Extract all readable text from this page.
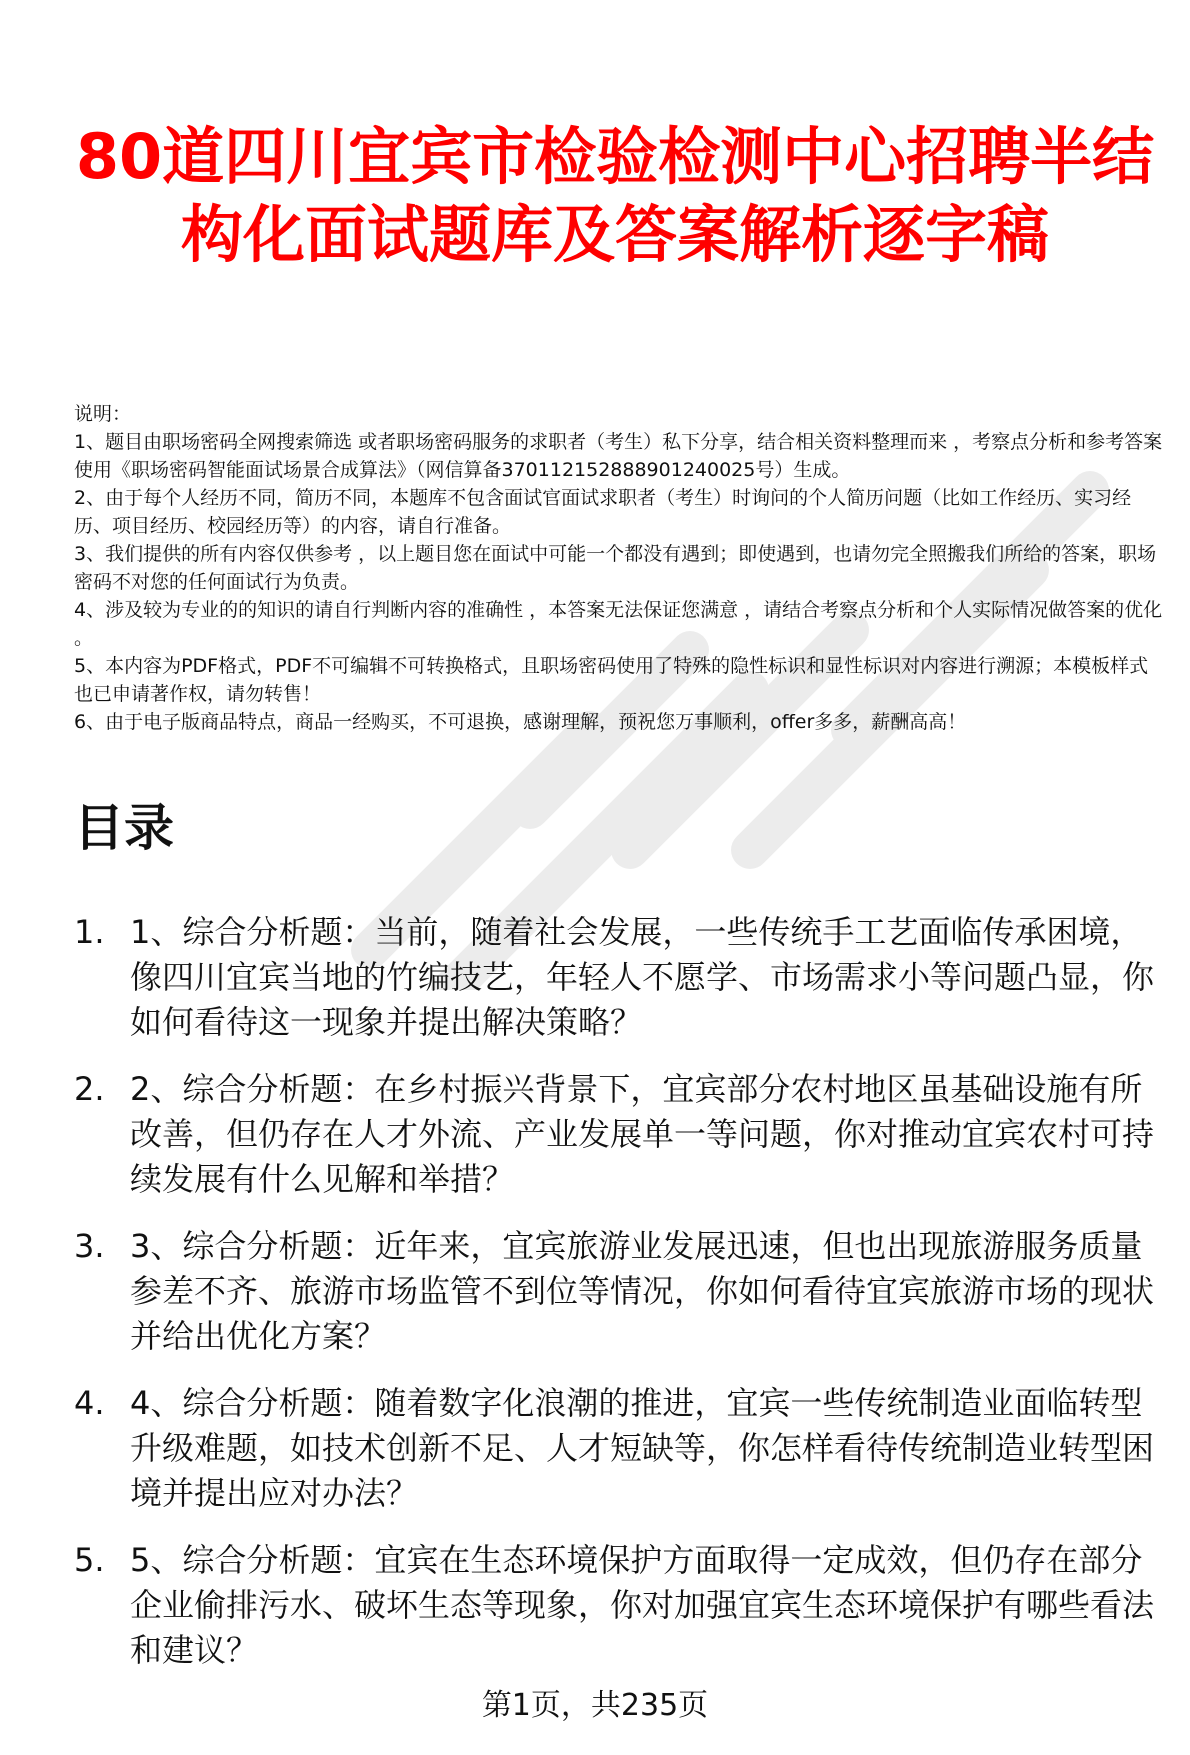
80道四川宜宾市检验检测中心招聘半结构化面试题库及答案解析逐字稿

说明：

1、题目由职场密码全网搜索筛选 或者职场密码服务的求职者（考生）私下分享，结合相关资料整理而来 ，考察点分析和参考答案使用《职场密码智能面试场景合成算法》（网信算备370112152888901240025号）生成。

2、由于每个人经历不同，简历不同，本题库不包含面试官面试求职者（考生）时询问的个人简历问题（比如工作经历、实习经历、项目经历、校园经历等）的内容，请自行准备。

3、我们提供的所有内容仅供参考 ，以上题目您在面试中可能一个都没有遇到；即使遇到，也请勿完全照搬我们所给的答案，职场密码不对您的任何面试行为负责。

4、涉及较为专业的的知识的请自行判断内容的准确性 ，本答案无法保证您满意 ，请结合考察点分析和个人实际情况做答案的优化 。

5、本内容为PDF格式，PDF不可编辑不可转换格式，且职场密码使用了特殊的隐性标识和显性标识对内容进行溯源；本模板样式也已申请著作权，请勿转售！

6、由于电子版商品特点，商品一经购买，不可退换，感谢理解，预祝您万事顺利，offer多多，薪酬高高！

目录
1. 1、综合分析题：当前，随着社会发展，一些传统手工艺面临传承困境，像四川宜宾当地的竹编技艺，年轻人不愿学、市场需求小等问题凸显，你如何看待这一现象并提出解决策略？
2. 2、综合分析题：在乡村振兴背景下，宜宾部分农村地区虽基础设施有所改善，但仍存在人才外流、产业发展单一等问题，你对推动宜宾农村可持续发展有什么见解和举措？
3. 3、综合分析题：近年来，宜宾旅游业发展迅速，但也出现旅游服务质量参差不齐、旅游市场监管不到位等情况，你如何看待宜宾旅游市场的现状并给出优化方案？
4. 4、综合分析题：随着数字化浪潮的推进，宜宾一些传统制造业面临转型升级难题，如技术创新不足、人才短缺等，你怎样看待传统制造业转型困境并提出应对办法？
5. 5、综合分析题：宜宾在生态环境保护方面取得一定成效，但仍存在部分企业偷排污水、破坏生态等现象，你对加强宜宾生态环境保护有哪些看法和建议？
第1页，共235页
